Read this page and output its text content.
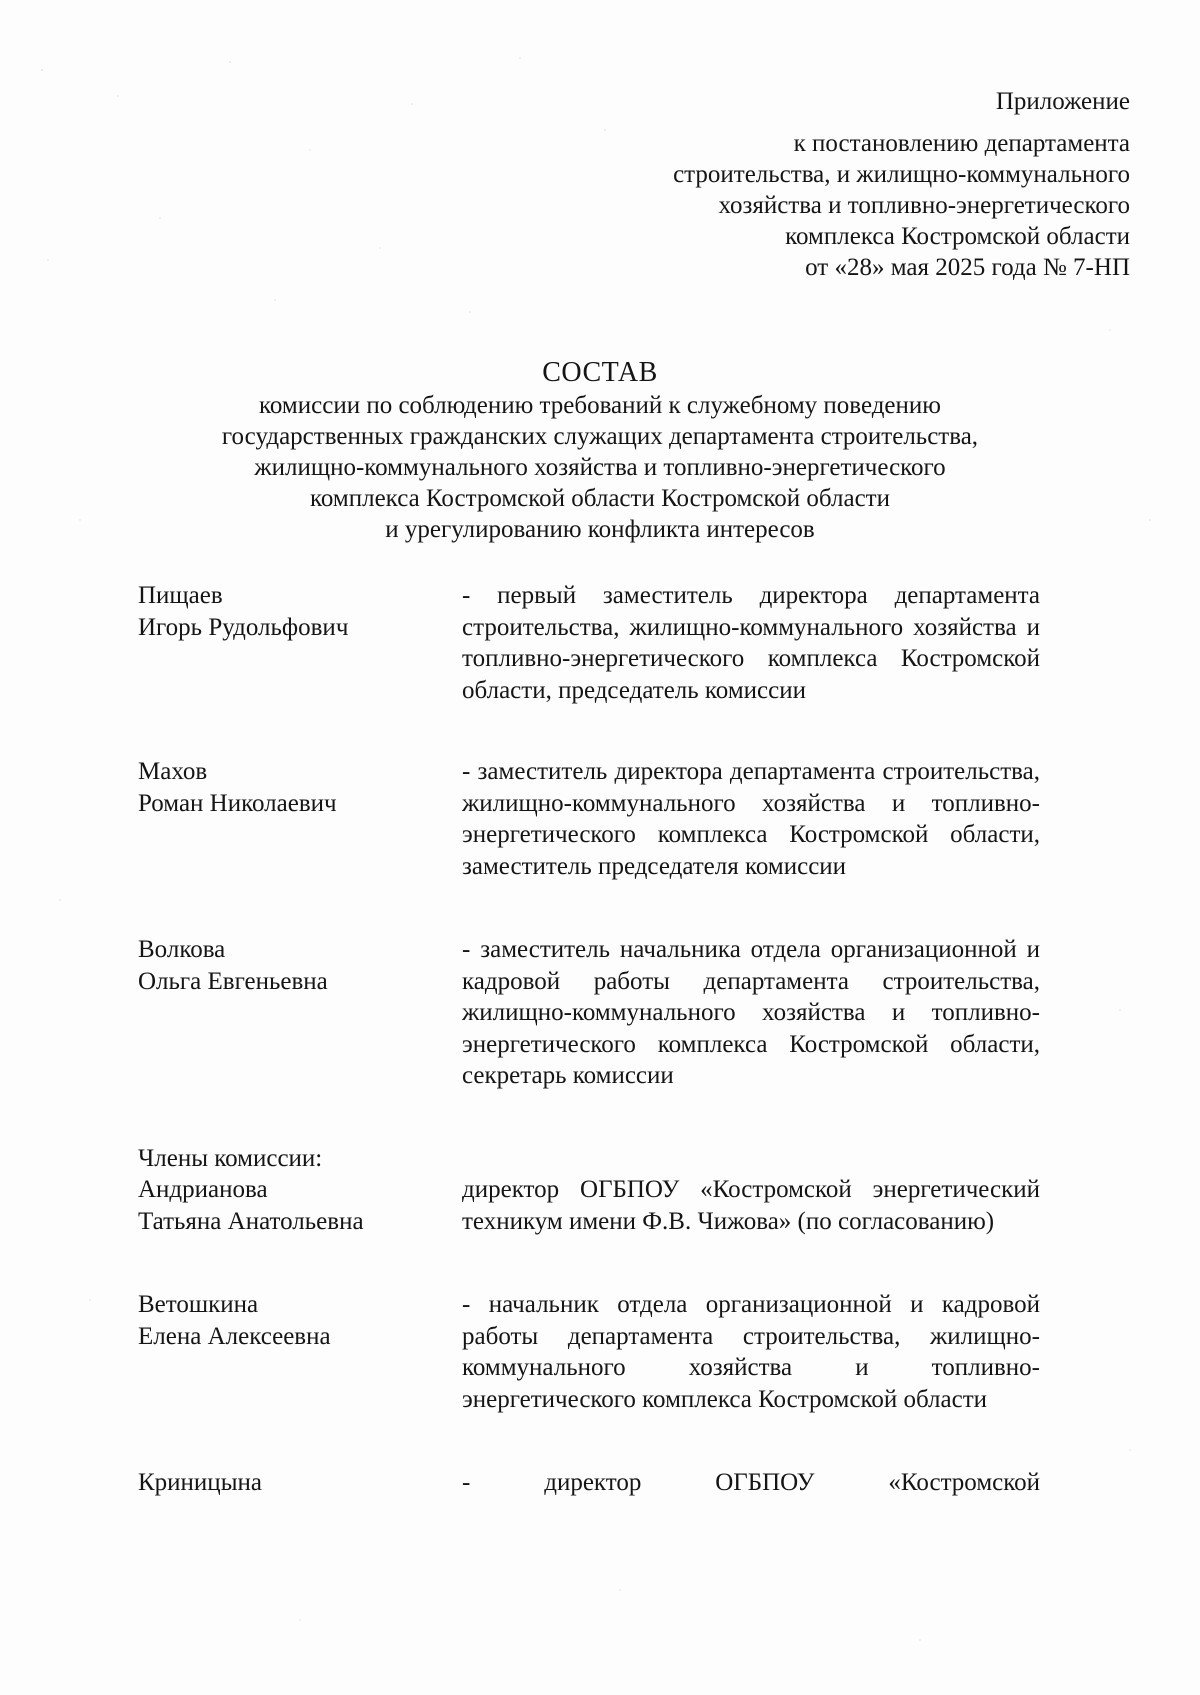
Приложение
к постановлению департамента
строительства, и жилищно-коммунального
хозяйства и топливно-энергетического
комплекса Костромской области
от «28» мая 2025 года № 7-НП
СОСТАВ
комиссии по соблюдению требований к служебному поведению
государственных гражданских служащих департамента строительства,
жилищно-коммунального хозяйства и топливно-энергетического
комплекса Костромской области Костромской области
и урегулированию конфликта интересов
Пищаев
Игорь Рудольфович
- первый заместитель директора департамента строительства, жилищно-коммунального хозяйства и топливно-энергетического комплекса Костромской области, председатель комиссии
Махов
Роман Николаевич
- заместитель директора департамента строительства, жилищно-коммунального хозяйства и топливно-энергетического комплекса Костромской области, заместитель председателя комиссии
Волкова
Ольга Евгеньевна
- заместитель начальника отдела организационной и кадровой работы департамента строительства, жилищно-коммунального хозяйства и топливно-энергетического комплекса Костромской области, секретарь комиссии
Члены комиссии:
Андрианова
Татьяна Анатольевна
директор ОГБПОУ «Костромской энергетический техникум имени Ф.В. Чижова» (по согласованию)
Ветошкина
Елена Алексеевна
- начальник отдела организационной и кадровой работы департамента строительства, жилищно-коммунального хозяйства и топливно-энергетического комплекса Костромской области
Криницына	- директор ОГБПОУ «Костромской
